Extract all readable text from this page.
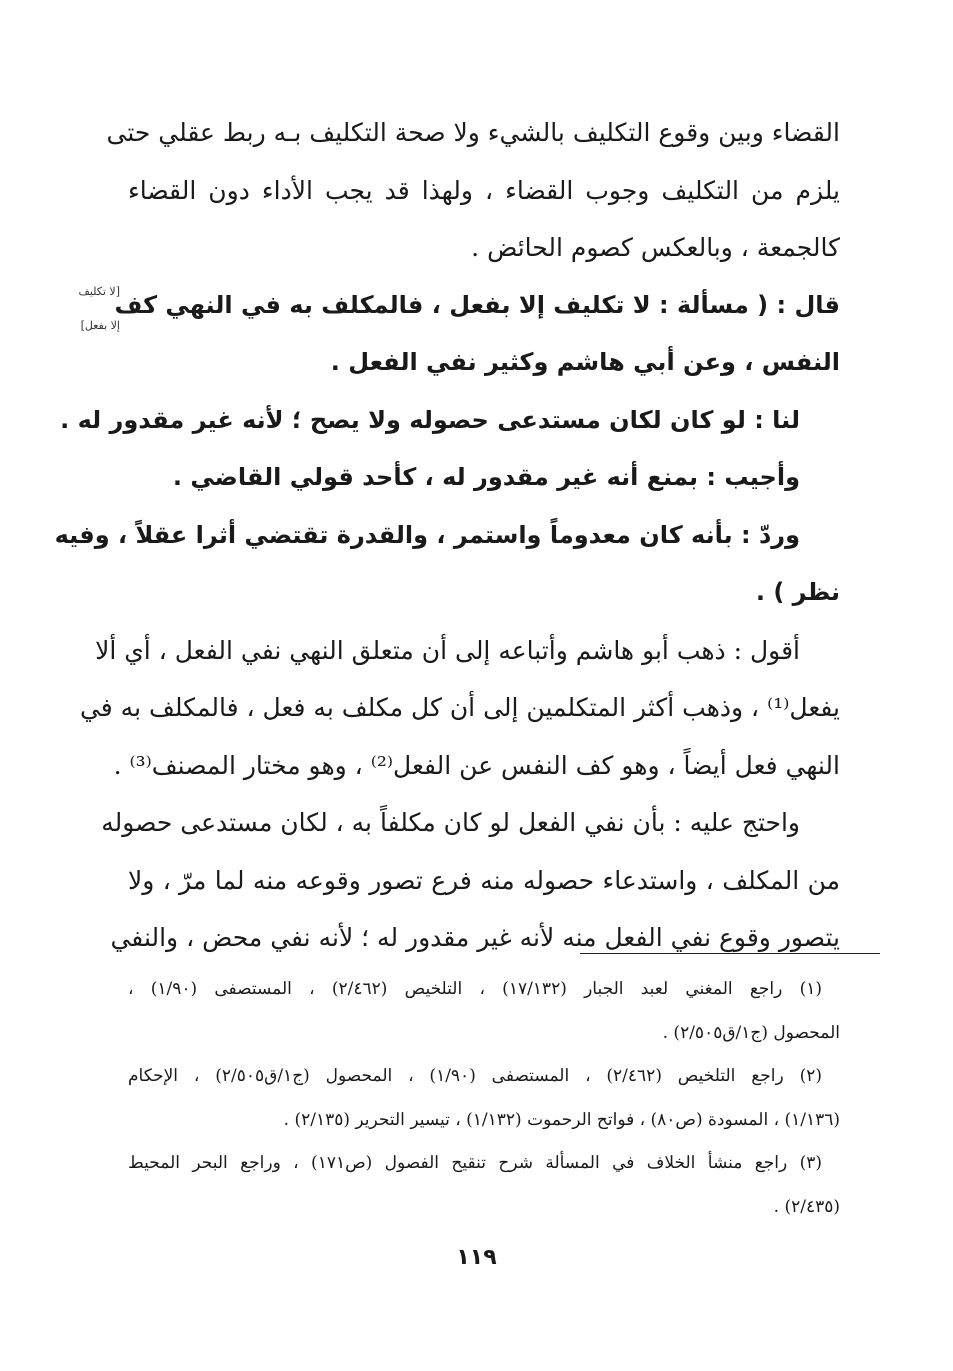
[لا تكليف
إلا بفعل]
القضاء وبين وقوع التكليف بالشيء ولا صحة التكليف بـه ربط عقلي حتى
يلزم من التكليف وجوب القضاء ، ولهذا قد يجب الأداء دون القضاء
كالجمعة ، وبالعكس كصوم الحائض .
قال : ( مسألة : لا تكليف إلا بفعل ، فالمكلف به في النهي كف
النفس ، وعن أبي هاشم وكثير نفي الفعل .
لنا : لو كان لكان مستدعى حصوله ولا يصح ؛ لأنه غير مقدور له .
وأجيب : بمنع أنه غير مقدور له ، كأحد قولي القاضي .
وردّ : بأنه كان معدوماً واستمر ، والقدرة تقتضي أثرا عقلاً ، وفيه
نظر ) .
أقول : ذهب أبو هاشم وأتباعه إلى أن متعلق النهي نفي الفعل ، أي ألا
يفعل⁽¹⁾ ، وذهب أكثر المتكلمين إلى أن كل مكلف به فعل ، فالمكلف به في
النهي فعل أيضاً ، وهو كف النفس عن الفعل⁽²⁾ ، وهو مختار المصنف⁽³⁾ .
واحتج عليه : بأن نفي الفعل لو كان مكلفاً به ، لكان مستدعى حصوله
من المكلف ، واستدعاء حصوله منه فرع تصور وقوعه منه لما مرّ ، ولا
يتصور وقوع نفي الفعل منه لأنه غير مقدور له ؛ لأنه نفي محض ، والنفي
(١) راجع المغني لعبد الجبار (١٧/١٣٢) ، التلخيص (٢/٤٦٢) ، المستصفى (١/٩٠) ،
المحصول (ج١/ق٢/٥٠٥) .
(٢) راجع التلخيص (٢/٤٦٢) ، المستصفى (١/٩٠) ، المحصول (ج١/ق٢/٥٠٥) ، الإحكام
(١/١٣٦) ، المسودة (ص٨٠) ، فواتح الرحموت (١/١٣٢) ، تيسير التحرير (٢/١٣٥) .
(٣) راجع منشأ الخلاف في المسألة شرح تنقيح الفصول (ص١٧١) ، وراجع البحر المحيط
(٢/٤٣٥) .
١١٩
